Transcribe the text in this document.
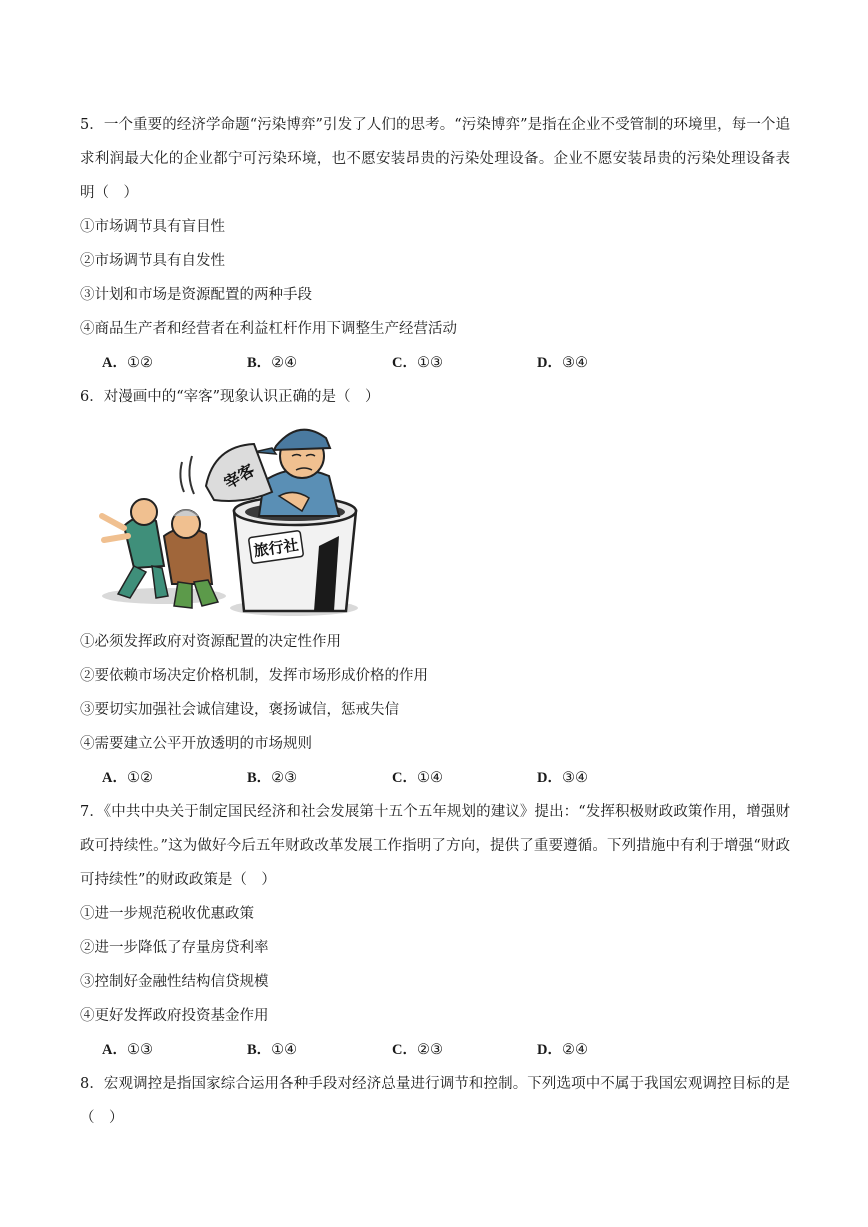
5．一个重要的经济学命题“污染博弈”引发了人们的思考。“污染博弈”是指在企业不受管制的环境里，每一个追求利润最大化的企业都宁可污染环境，也不愿安装昂贵的污染处理设备。企业不愿安装昂贵的污染处理设备表明（　）
①市场调节具有盲目性
②市场调节具有自发性
③计划和市场是资源配置的两种手段
④商品生产者和经营者在利益杠杆作用下调整生产经营活动
A．①②	B．②④	C．①③	D．③④
6．对漫画中的“宰客”现象认识正确的是（　）
旅行社
宰客
①必须发挥政府对资源配置的决定性作用
②要依赖市场决定价格机制，发挥市场形成价格的作用
③要切实加强社会诚信建设，褒扬诚信，惩戒失信
④需要建立公平开放透明的市场规则
A．①②	B．②③	C．①④	D．③④
7．《中共中央关于制定国民经济和社会发展第十五个五年规划的建议》提出：“发挥积极财政政策作用，增强财政可持续性。”这为做好今后五年财政改革发展工作指明了方向，提供了重要遵循。下列措施中有利于增强“财政可持续性”的财政政策是（　）
①进一步规范税收优惠政策
②进一步降低了存量房贷利率
③控制好金融性结构信贷规模
④更好发挥政府投资基金作用
A．①③	B．①④	C．②③	D．②④
8．宏观调控是指国家综合运用各种手段对经济总量进行调节和控制。下列选项中不属于我国宏观调控目标的是（　）
